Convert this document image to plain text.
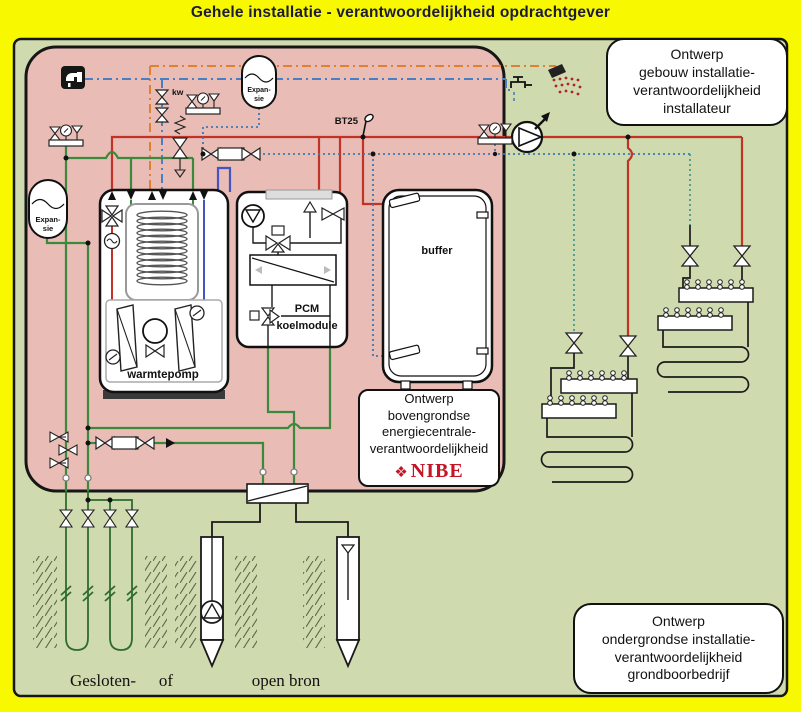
Gehele installatie - verantwoordelijkheid opdrachtgever
warmtepomp
PCM
koelmodule
buffer
BT25
Expan-
sie
Expan-
sie
kw
Gesloten- of	open bron
Ontwerp
gebouw installatie-
verantwoordelijkheid
installateur
Ontwerp
bovengrondse
energiecentrale-
verantwoordelijkheid
❖ NIBE
Ontwerp
ondergrondse installatie-
verantwoordelijkheid
grondboorbedrijf
